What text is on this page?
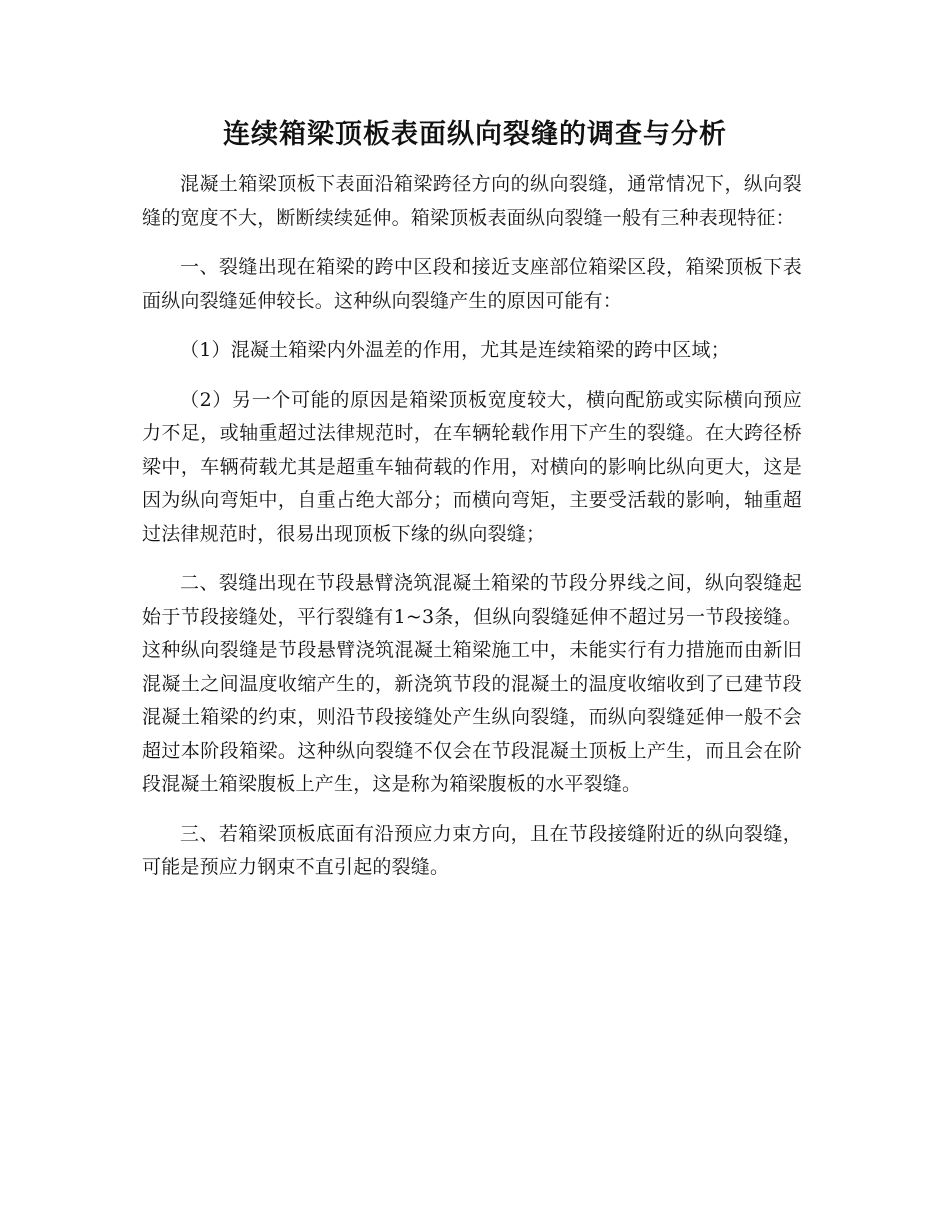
连续箱梁顶板表面纵向裂缝的调查与分析

混凝土箱梁顶板下表面沿箱梁跨径方向的纵向裂缝，通常情况下，纵向裂缝的宽度不大，断断续续延伸。箱梁顶板表面纵向裂缝一般有三种表现特征：

一、裂缝出现在箱梁的跨中区段和接近支座部位箱梁区段，箱梁顶板下表面纵向裂缝延伸较长。这种纵向裂缝产生的原因可能有：

（1）混凝土箱梁内外温差的作用，尤其是连续箱梁的跨中区域；

（2）另一个可能的原因是箱梁顶板宽度较大，横向配筋或实际横向预应力不足，或轴重超过法律规范时，在车辆轮载作用下产生的裂缝。在大跨径桥梁中，车辆荷载尤其是超重车轴荷载的作用，对横向的影响比纵向更大，这是因为纵向弯矩中，自重占绝大部分；而横向弯矩，主要受活载的影响，轴重超过法律规范时，很易出现顶板下缘的纵向裂缝；

二、裂缝出现在节段悬臂浇筑混凝土箱梁的节段分界线之间，纵向裂缝起始于节段接缝处，平行裂缝有1~3条，但纵向裂缝延伸不超过另一节段接缝。这种纵向裂缝是节段悬臂浇筑混凝土箱梁施工中，未能实行有力措施而由新旧混凝土之间温度收缩产生的，新浇筑节段的混凝土的温度收缩收到了已建节段混凝土箱梁的约束，则沿节段接缝处产生纵向裂缝，而纵向裂缝延伸一般不会超过本阶段箱梁。这种纵向裂缝不仅会在节段混凝土顶板上产生，而且会在阶段混凝土箱梁腹板上产生，这是称为箱梁腹板的水平裂缝。

三、若箱梁顶板底面有沿预应力束方向，且在节段接缝附近的纵向裂缝，可能是预应力钢束不直引起的裂缝。
